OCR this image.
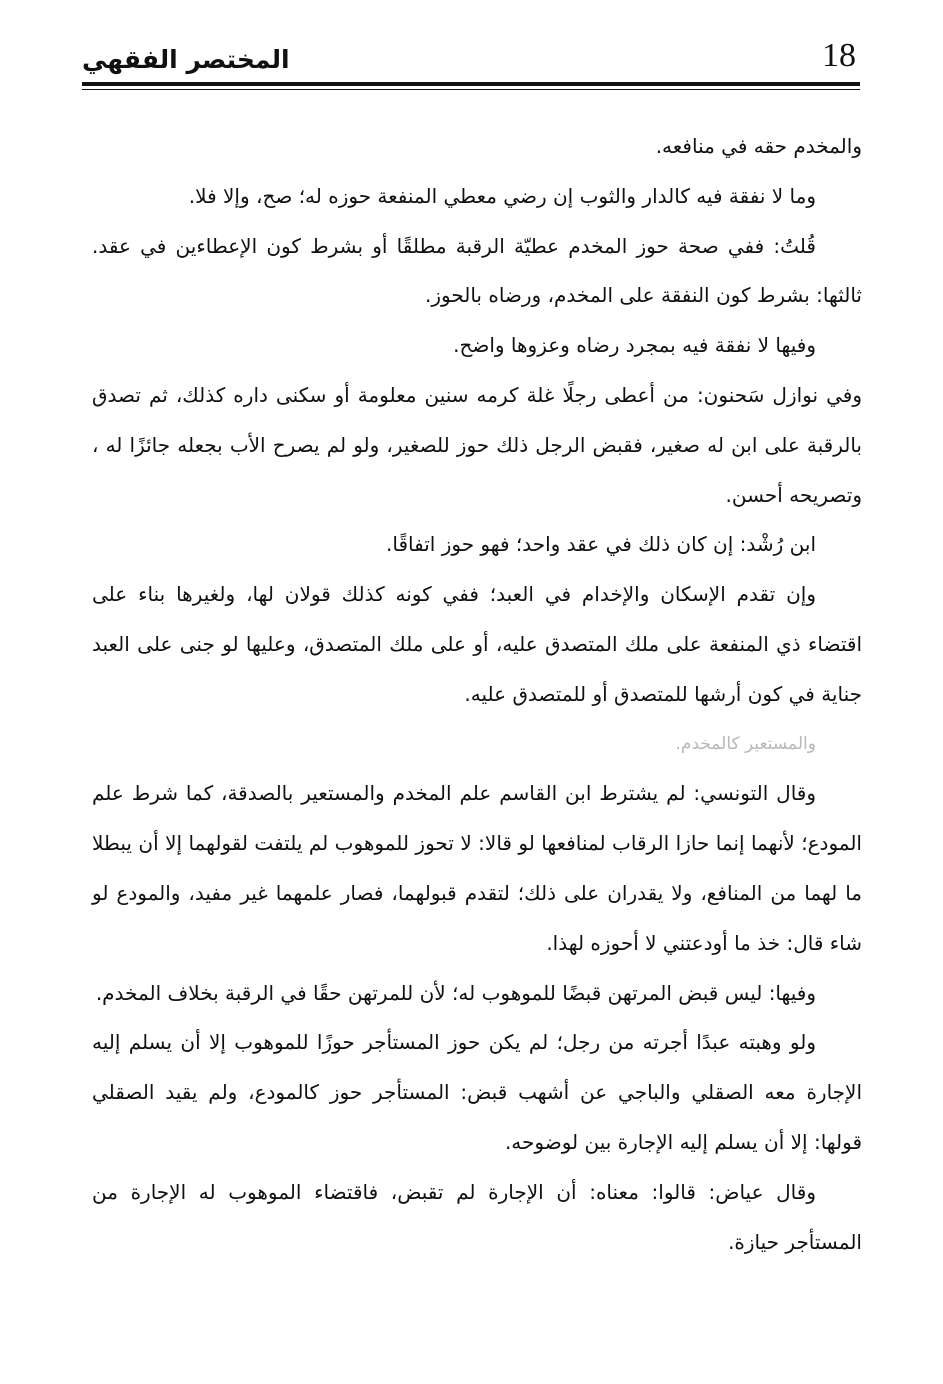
18
المختصر الفقهي

والمخدم حقه في منافعه.

وما لا نفقة فيه كالدار والثوب إن رضي معطي المنفعة حوزه له؛ صح، وإلا فلا.

قُلتُ: ففي صحة حوز المخدم عطيّة الرقبة مطلقًا أو بشرط كون الإعطاءين في عقد. ثالثها: بشرط كون النفقة على المخدم، ورضاه بالحوز.

وفيها لا نفقة فيه بمجرد رضاه وعزوها واضح.

وفي نوازل سَحنون: من أعطى رجلًا غلة كرمه سنين معلومة أو سكنى داره كذلك، ثم تصدق بالرقبة على ابن له صغير، فقبض الرجل ذلك حوز للصغير، ولو لم يصرح الأب بجعله جائزًا له ، وتصريحه أحسن.

ابن رُشْد: إن كان ذلك في عقد واحد؛ فهو حوز اتفاقًا.

وإن تقدم الإسكان والإخدام في العبد؛ ففي كونه كذلك قولان لها، ولغيرها بناء على اقتضاء ذي المنفعة على ملك المتصدق عليه، أو على ملك المتصدق، وعليها لو جنى على العبد جناية في كون أرشها للمتصدق أو للمتصدق عليه.

والمستعير كالمخدم.

وقال التونسي: لم يشترط ابن القاسم علم المخدم والمستعير بالصدقة، كما شرط علم المودع؛ لأنهما إنما حازا الرقاب لمنافعها لو قالا: لا تحوز للموهوب لم يلتفت لقولهما إلا أن يبطلا ما لهما من المنافع، ولا يقدران على ذلك؛ لتقدم قبولهما، فصار علمهما غير مفيد، والمودع لو شاء قال: خذ ما أودعتني لا أحوزه لهذا.

وفيها: ليس قبض المرتهن قبضًا للموهوب له؛ لأن للمرتهن حقًا في الرقبة بخلاف المخدم.

ولو وهبته عبدًا أجرته من رجل؛ لم يكن حوز المستأجر حوزًا للموهوب إلا أن يسلم إليه الإجارة معه الصقلي والباجي عن أشهب قبض: المستأجر حوز كالمودع، ولم يقيد الصقلي قولها: إلا أن يسلم إليه الإجارة بين لوضوحه.

وقال عياض: قالوا: معناه: أن الإجارة لم تقبض، فاقتضاء الموهوب له الإجارة من المستأجر حيازة.
